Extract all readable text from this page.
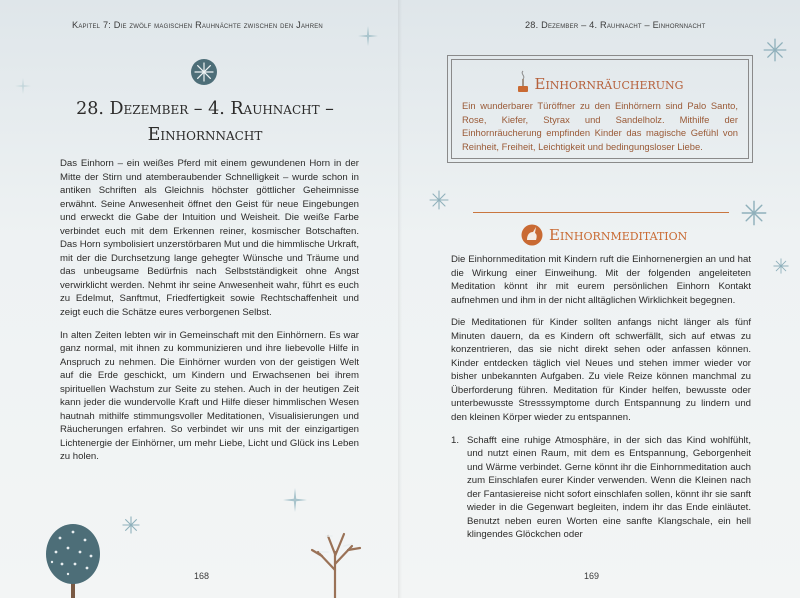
Kapitel 7: Die zwölf magischen Rauhnächte zwischen den Jahren
28. Dezember – 4. Rauhnacht –
Einhornnacht

Das Einhorn – ein weißes Pferd mit einem gewundenen Horn in der Mitte der Stirn und atemberaubender Schnelligkeit – wurde schon in antiken Schriften als Gleichnis höchster göttlicher Geheimnisse erwähnt. Seine Anwesenheit öffnet den Geist für neue Eingebungen und erweckt die Gabe der Intuition und Weisheit. Die weiße Farbe verbindet euch mit dem Erkennen reiner, kosmischer Botschaften. Das Horn symbolisiert unzerstörbaren Mut und die himmlische Urkraft, mit der die Durchsetzung lange gehegter Wünsche und Träume und das unbeugsame Bedürfnis nach Selbstständigkeit ohne Angst verwirklicht werden. Nehmt ihr seine Anwesenheit wahr, führt es euch zu Edelmut, Sanftmut, Friedfertigkeit sowie Rechtschaffenheit und zeigt euch die Schätze eures verborgenen Selbst.

In alten Zeiten lebten wir in Gemeinschaft mit den Einhörnern. Es war ganz normal, mit ihnen zu kommunizieren und ihre liebevolle Hilfe in Anspruch zu nehmen. Die Einhörner wurden von der geistigen Welt auf die Erde geschickt, um Kindern und Erwachsenen bei ihrem spirituellen Wachstum zur Seite zu stehen. Auch in der heutigen Zeit kann jeder die wundervolle Kraft und Hilfe dieser himmlischen Wesen hautnah mithilfe stimmungsvoller Meditationen, Visualisierungen und Räucherungen erfahren. So verbindet wir uns mit der einzigartigen Lichtenergie der Einhörner, um mehr Liebe, Licht und Glück ins Leben zu holen.

168
28. Dezember – 4. Rauhnacht – Einhornnacht
Einhornräucherung
Ein wunderbarer Türöffner zu den Einhörnern sind Palo Santo, Rose, Kiefer, Styrax und Sandelholz. Mithilfe der Einhornräucherung empfinden Kinder das magische Gefühl von Reinheit, Freiheit, Leichtigkeit und bedingungsloser Liebe.
Einhornmeditation

Die Einhornmeditation mit Kindern ruft die Einhornenergien an und hat die Wirkung einer Einweihung. Mit der folgenden angeleiteten Meditation könnt ihr mit eurem persönlichen Einhorn Kontakt aufnehmen und ihm in der nicht alltäglichen Wirklichkeit begegnen.

Die Meditationen für Kinder sollten anfangs nicht länger als fünf Minuten dauern, da es Kindern oft schwerfällt, sich auf etwas zu konzentrieren, das sie nicht direkt sehen oder anfassen können. Kinder entdecken täglich viel Neues und stehen immer wieder vor bisher unbekannten Aufgaben. Zu viele Reize können manchmal zu Überforderung führen. Meditation für Kinder helfen, bewusste oder unterbewusste Stresssymptome durch Entspannung zu lindern und den kleinen Körper wieder zu entspannen.

1. Schafft eine ruhige Atmosphäre, in der sich das Kind wohlfühlt, und nutzt einen Raum, mit dem es Entspannung, Geborgenheit und Wärme verbindet. Gerne könnt ihr die Einhornmeditation auch zum Einschlafen eurer Kinder verwenden. Wenn die Kleinen nach der Fantasiereise nicht sofort einschlafen sollen, könnt ihr sie sanft wieder in die Gegenwart begleiten, indem ihr das Ende einläutet. Benutzt neben euren Worten eine sanfte Klangschale, ein hell klingendes Glöckchen oder
169
